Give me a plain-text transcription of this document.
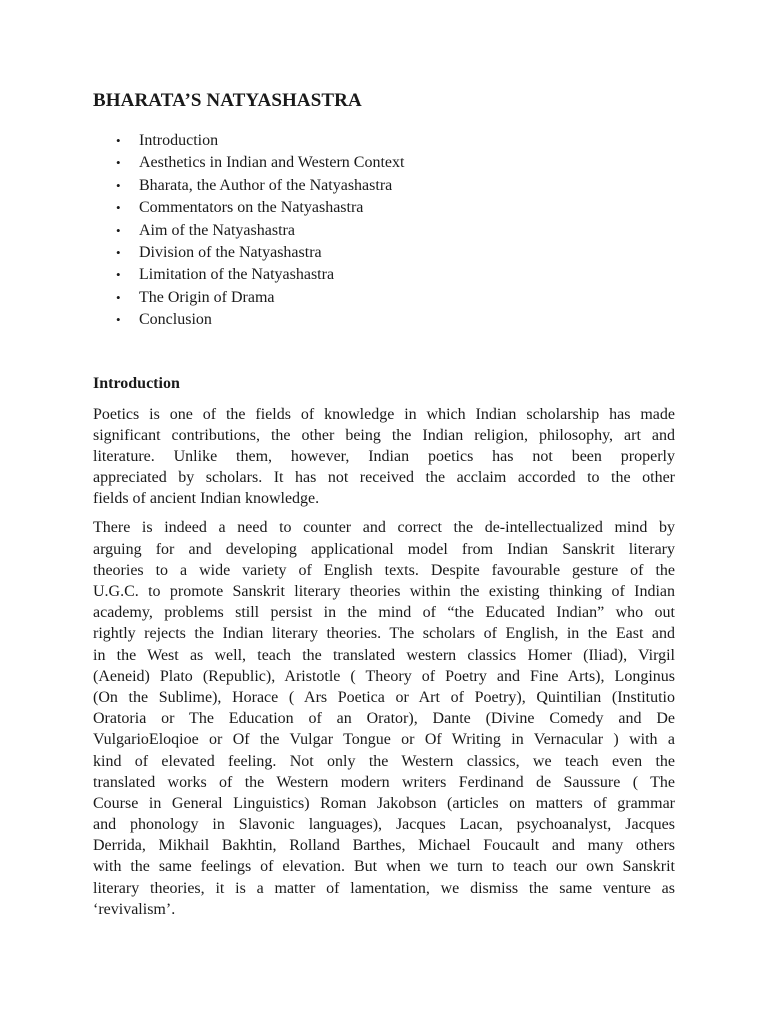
BHARATA’S NATYASHASTRA
• Introduction
• Aesthetics in Indian and Western Context
• Bharata, the Author of the Natyashastra
• Commentators on the Natyashastra
• Aim of the Natyashastra
• Division of the Natyashastra
• Limitation of the Natyashastra
• The Origin of Drama
• Conclusion
Introduction

Poetics is one of the fields of knowledge in which Indian scholarship has made
significant contributions, the other being the Indian religion, philosophy, art and
literature. Unlike them, however, Indian poetics has not been properly
appreciated by scholars. It has not received the acclaim accorded to the other
fields of ancient Indian knowledge.

There is indeed a need to counter and correct the de-intellectualized mind by
arguing for and developing applicational model from Indian Sanskrit literary
theories to a wide variety of English texts. Despite favourable gesture of the
U.G.C. to promote Sanskrit literary theories within the existing thinking of Indian
academy, problems still persist in the mind of “the Educated Indian” who out
rightly rejects the Indian literary theories. The scholars of English, in the East and
in the West as well, teach the translated western classics Homer (Iliad), Virgil
(Aeneid) Plato (Republic), Aristotle ( Theory of Poetry and Fine Arts), Longinus
(On the Sublime), Horace ( Ars Poetica or Art of Poetry), Quintilian (Institutio
Oratoria or The Education of an Orator), Dante (Divine Comedy and De
VulgarioEloqioe or Of the Vulgar Tongue or Of Writing in Vernacular ) with a
kind of elevated feeling. Not only the Western classics, we teach even the
translated works of the Western modern writers Ferdinand de Saussure ( The
Course in General Linguistics) Roman Jakobson (articles on matters of grammar
and phonology in Slavonic languages), Jacques Lacan, psychoanalyst, Jacques
Derrida, Mikhail Bakhtin, Rolland Barthes, Michael Foucault and many others
with the same feelings of elevation. But when we turn to teach our own Sanskrit
literary theories, it is a matter of lamentation, we dismiss the same venture as
‘revivalism’.
